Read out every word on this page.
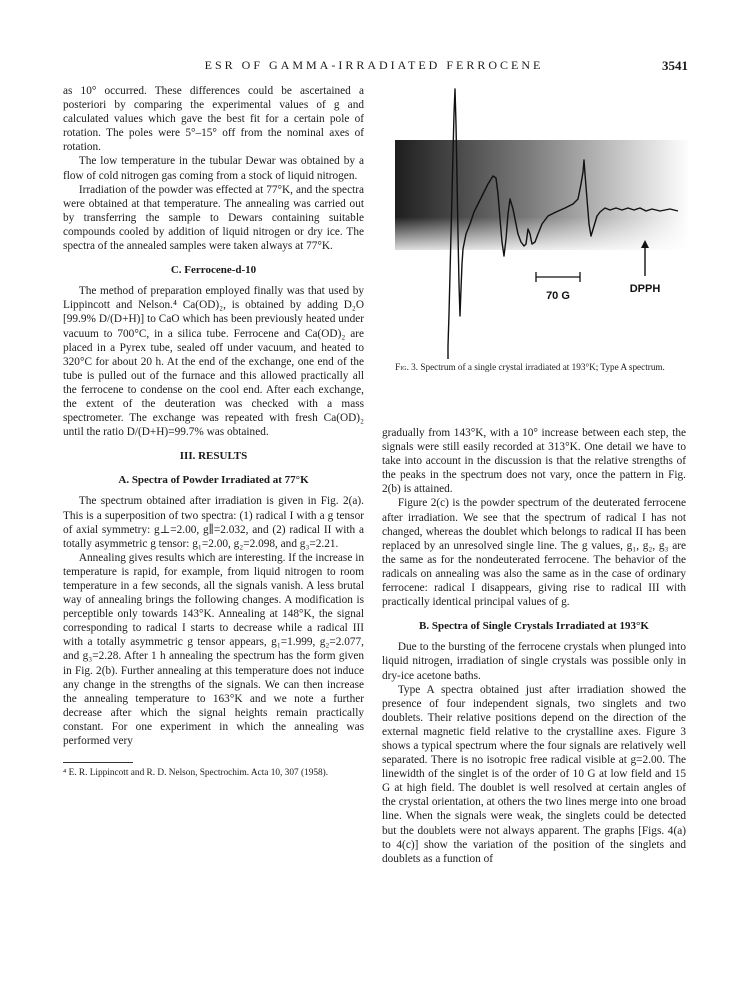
ESR OF GAMMA-IRRADIATED FERROCENE	3541

as 10° occurred. These differences could be ascertained a posteriori by comparing the experimental values of g and calculated values which gave the best fit for a certain pole of rotation. The poles were 5°–15° off from the nominal axes of rotation.

The low temperature in the tubular Dewar was obtained by a flow of cold nitrogen gas coming from a stock of liquid nitrogen.

Irradiation of the powder was effected at 77°K, and the spectra were obtained at that temperature. The annealing was carried out by transferring the sample to Dewars containing suitable compounds cooled by addition of liquid nitrogen or dry ice. The spectra of the annealed samples were taken always at 77°K.

C. Ferrocene-d-10

The method of preparation employed finally was that used by Lippincott and Nelson.⁴ Ca(OD)₂, is obtained by adding D₂O [99.9% D/(D+H)] to CaO which has been previously heated under vacuum to 700°C, in a silica tube. Ferrocene and Ca(OD)₂ are placed in a Pyrex tube, sealed off under vacuum, and heated to 320°C for about 20 h. At the end of the exchange, one end of the tube is pulled out of the furnace and this allowed practically all the ferrocene to condense on the cool end. After each exchange, the extent of the deuteration was checked with a mass spectrometer. The exchange was repeated with fresh Ca(OD)₂ until the ratio D/(D+H)=99.7% was obtained.

III. RESULTS
A. Spectra of Powder Irradiated at 77°K

The spectrum obtained after irradiation is given in Fig. 2(a). This is a superposition of two spectra: (1) radical I with a g tensor of axial symmetry: g⊥=2.00, g∥=2.032, and (2) radical II with a totally asymmetric g tensor: g₁=2.00, g₂=2.098, and g₃=2.21.

Annealing gives results which are interesting. If the increase in temperature is rapid, for example, from liquid nitrogen to room temperature in a few seconds, all the signals vanish. A less brutal way of annealing brings the following changes. A modification is perceptible only towards 143°K. Annealing at 148°K, the signal corresponding to radical I starts to decrease while a radical III with a totally asymmetric g tensor appears, g₁=1.999, g₂=2.077, and g₃=2.28. After 1 h annealing the spectrum has the form given in Fig. 2(b). Further annealing at this temperature does not induce any change in the strengths of the signals. We can then increase the annealing temperature to 163°K and we note a further decrease after which the signal heights remain practically constant. For one experiment in which the annealing was performed very

⁴ E. R. Lippincott and R. D. Nelson, Spectrochim. Acta 10, 307 (1958).
DPPH
70 G
Fig. 3. Spectrum of a single crystal irradiated at 193°K; Type A spectrum.

gradually from 143°K, with a 10° increase between each step, the signals were still easily recorded at 313°K. One detail we have to take into account in the discussion is that the relative strengths of the peaks in the spectrum does not vary, once the pattern in Fig. 2(b) is attained.

Figure 2(c) is the powder spectrum of the deuterated ferrocene after irradiation. We see that the spectrum of radical I has not changed, whereas the doublet which belongs to radical II has been replaced by an unresolved single line. The g values, g₁, g₂, g₃ are the same as for the nondeuterated ferrocene. The behavior of the radicals on annealing was also the same as in the case of ordinary ferrocene: radical I disappears, giving rise to radical III with practically identical principal values of g.

B. Spectra of Single Crystals Irradiated at 193°K

Due to the bursting of the ferrocene crystals when plunged into liquid nitrogen, irradiation of single crystals was possible only in dry-ice acetone baths.

Type A spectra obtained just after irradiation showed the presence of four independent signals, two singlets and two doublets. Their relative positions depend on the direction of the external magnetic field relative to the crystalline axes. Figure 3 shows a typical spectrum where the four signals are relatively well separated. There is no isotropic free radical visible at g=2.00. The linewidth of the singlet is of the order of 10 G at low field and 15 G at high field. The doublet is well resolved at certain angles of the crystal orientation, at others the two lines merge into one broad line. When the signals were weak, the singlets could be detected but the doublets were not always apparent. The graphs [Figs. 4(a) to 4(c)] show the variation of the position of the singlets and doublets as a function of
